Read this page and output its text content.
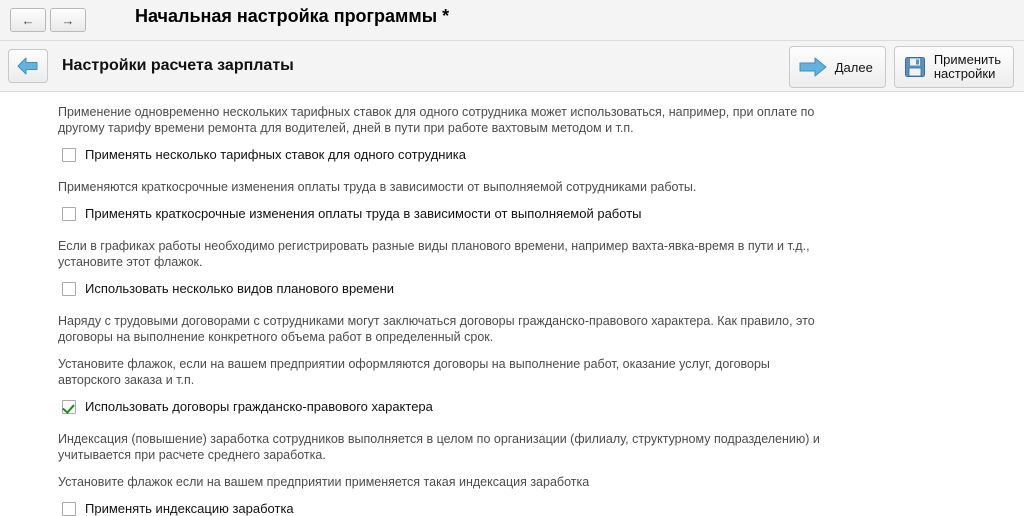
← →	Начальная настройка программы *
Настройки расчета зарплаты	Далее	Применить
настройки
Применение одновременно нескольких тарифных ставок для одного сотрудника может использоваться, например, при оплате по другому тарифу времени ремонта для водителей, дней в пути при работе вахтовым методом и т.п.
Применять несколько тарифных ставок для одного сотрудника
Применяются краткосрочные изменения оплаты труда в зависимости от выполняемой сотрудниками работы.
Применять краткосрочные изменения оплаты труда в зависимости от выполняемой работы
Если в графиках работы необходимо регистрировать разные виды планового времени, например вахта-явка-время в пути и т.д., установите этот флажок.
Использовать несколько видов планового времени
Наряду с трудовыми договорами с сотрудниками могут заключаться договоры гражданско-правового характера. Как правило, это договоры на выполнение конкретного объема работ в определенный срок.
Установите флажок, если на вашем предприятии оформляются договоры на выполнение работ, оказание услуг, договоры авторского заказа и т.п.
Использовать договоры гражданско-правового характера
Индексация (повышение) заработка сотрудников выполняется в целом по организации (филиалу, структурному подразделению) и учитывается при расчете среднего заработка.
Установите флажок если на вашем предприятии применяется такая индексация заработка
Применять индексацию заработка
